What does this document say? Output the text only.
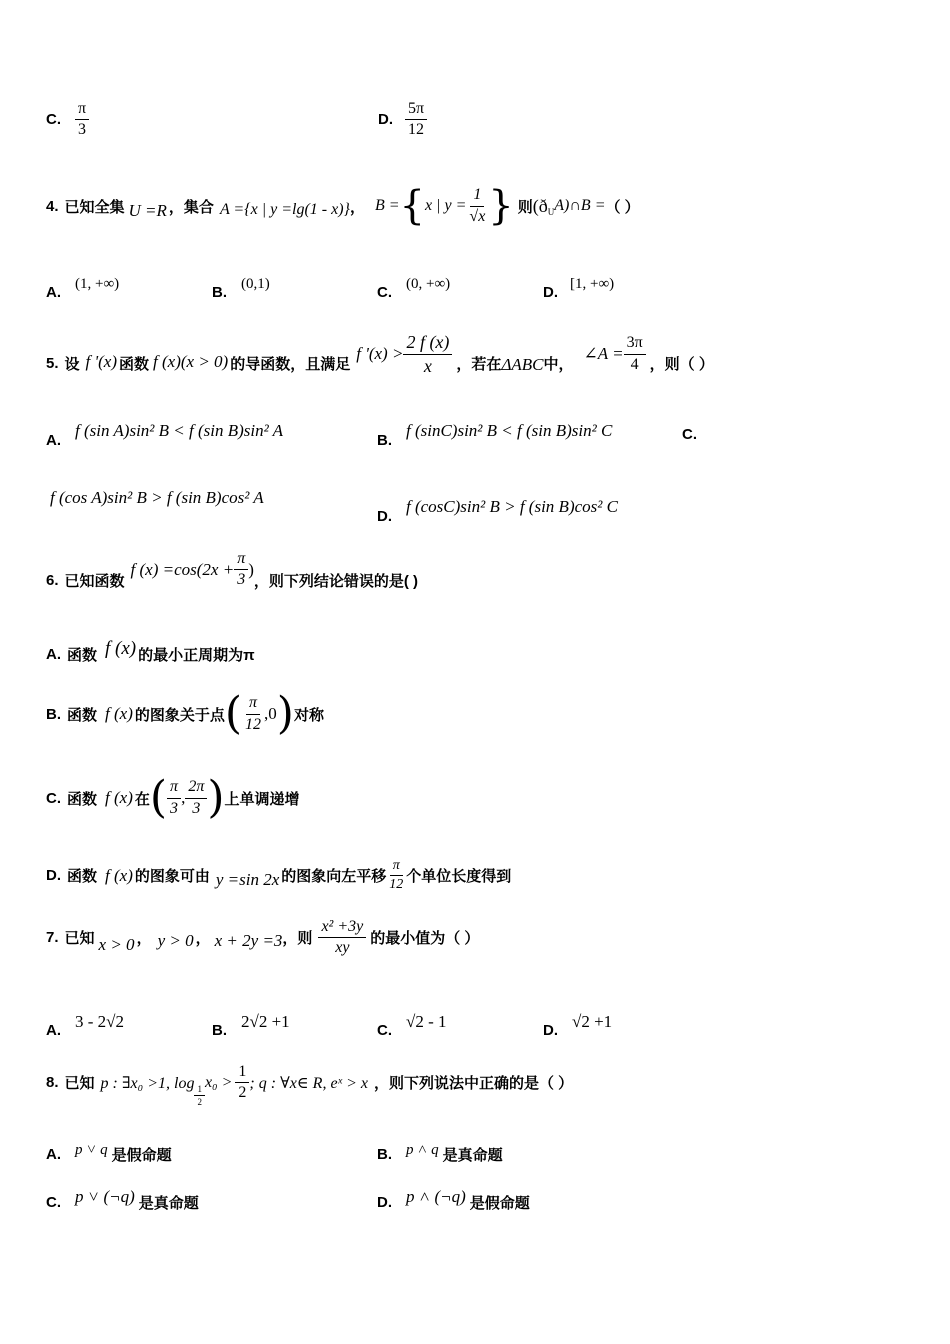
C. $\frac{\pi}{3}$	D. $\frac{5\pi}{12}$
4. 已知全集 U =R ，集合 A ={x | y =lg(1 - x)} ， B = { x | $y = \frac{1}{√x}$ } 则 (ð U A)∩B = （ ）
A. (1, +∞)	B. (0,1)	C. (0, +∞)	D. [1, +∞)
5. 设 f '(x) 函数 f (x)(x > 0) 的导函数，且满足
f '$(x) > \frac{2 f (x)}{x}$ ，若在 ΔABC 中，
∠A = $\frac{3\pi}{4}$ ，则（ ）
A.
f (sin A)sin² B < f (sin B)sin² A
B.
f (sinC)sin² B < f (sin B)sin² C	C.
f (cos A)sin² B > f (sin B)cos² A
D.
f (cosC)sin² B > f (sin B)cos² C
6. 已知函数
f $(x) =\cos(2x + \frac{\pi}{3}$ )
，则下列结论错误的是( )
A. 函数 f (x) 的最小正周期为π
B. 函数 f (x) 的图象关于点 ( $\frac{\pi}{12} ,0$ ) 对称
C. 函数 f (x) 在 ( $\frac{\pi}{3}$ , $\frac{2\pi}{3}$ ) 上单调递增
D. 函数 f (x) 的图象可由 y =sin 2x 的图象向左平移 $\frac{\pi}{12}$ 个单位长度得到
7. 已知 x > 0 ， y > 0 ， x + 2y =3 ，则 $\frac{\text{x² +3y}}{xy}$ 的最小值为（ ）
A. 3 - 2√2	B. 2√2 +1	C. √2 - 1	D. √2 +1
8. 已知 p : ∃x₀ >1, log
$\frac{1}{2}$
$x_0 > \frac{1}{2}$ ; q : ∀x∈ R, eˣ > x ，则下列说法中正确的是（ ）
A. p ˅ q 是假命题	B. p ˄ q 是真命题
C. p ˅ (¬q) 是真命题	D. p ˄ (¬q) 是假命题
